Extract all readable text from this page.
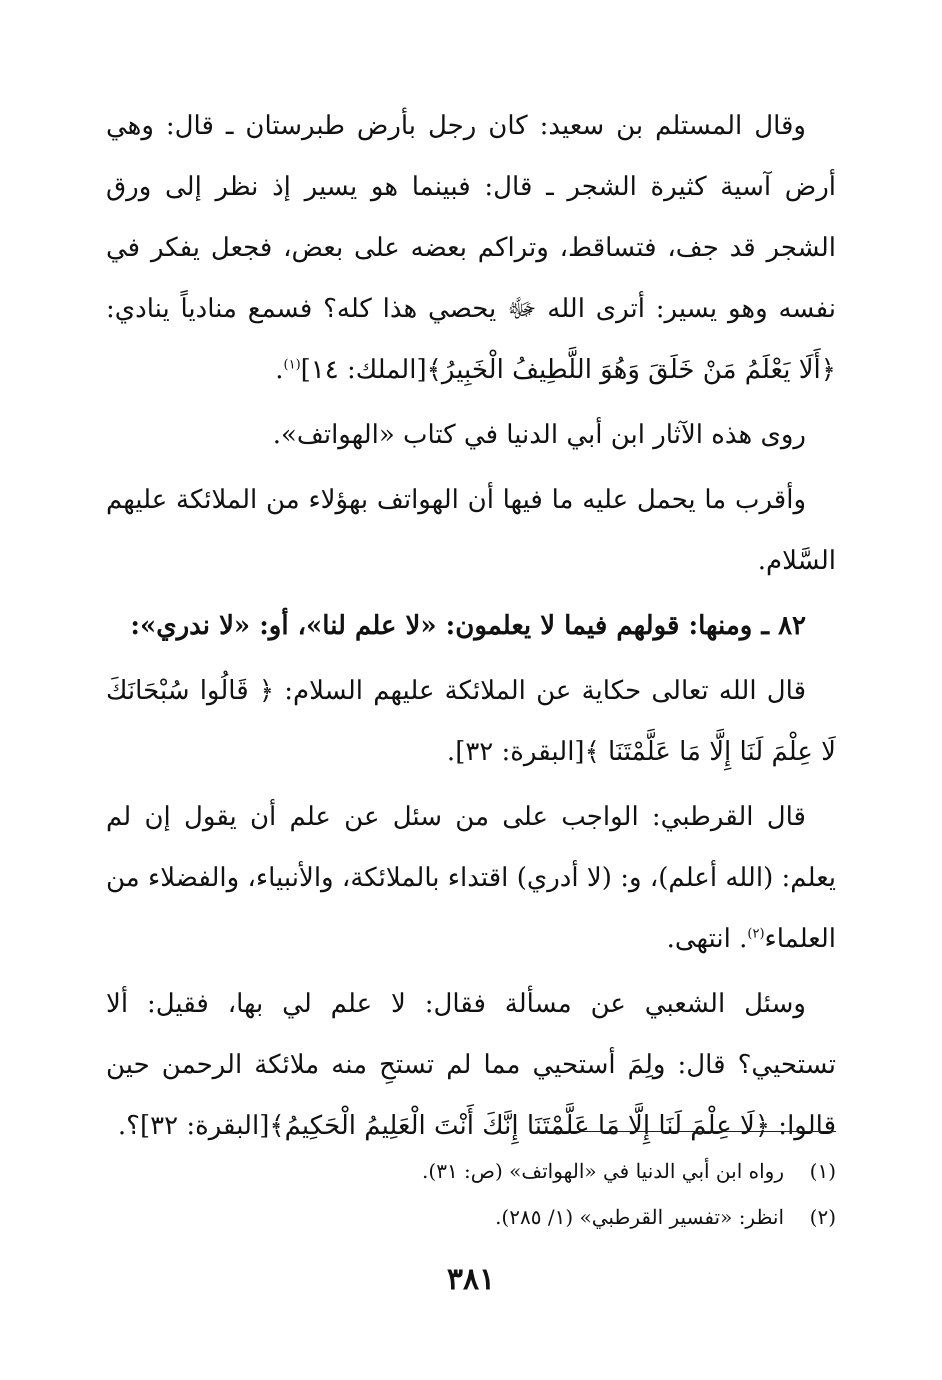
وقال المستلم بن سعيد: كان رجل بأرض طبرستان ـ قال: وهي أرض آسية كثيرة الشجر ـ قال: فبينما هو يسير إذ نظر إلى ورق الشجر قد جف، فتساقط، وتراكم بعضه على بعض، فجعل يفكر في نفسه وهو يسير: أترى الله ﷻ يحصي هذا كله؟ فسمع منادياً ينادي: ﴿أَلَا يَعْلَمُ مَنْ خَلَقَ وَهُوَ اللَّطِيفُ الْخَبِيرُ﴾[الملك: ١٤]$^{(١)}$.

روى هذه الآثار ابن أبي الدنيا في كتاب «الهواتف».

وأقرب ما يحمل عليه ما فيها أن الهواتف بهؤلاء من الملائكة عليهم السَّلام.

٨٢ ـ ومنها: قولهم فيما لا يعلمون: «لا علم لنا»، أو: «لا ندري»:

قال الله تعالى حكاية عن الملائكة عليهم السلام: ﴿ قَالُوا سُبْحَانَكَ لَا عِلْمَ لَنَا إِلَّا مَا عَلَّمْتَنَا ﴾[البقرة: ٣٢].

قال القرطبي: الواجب على من سئل عن علم أن يقول إن لم يعلم: (الله أعلم)، و: (لا أدري) اقتداء بالملائكة، والأنبياء، والفضلاء من العلماء$^{(٢)}$. انتهى.

وسئل الشعبي عن مسألة فقال: لا علم لي بها، فقيل: ألا تستحيي؟ قال: ولِمَ أستحيي مما لم تستحِ منه ملائكة الرحمن حين قالوا: ﴿لَا عِلْمَ لَنَا إِلَّا مَا عَلَّمْتَنَا إِنَّكَ أَنْتَ الْعَلِيمُ الْحَكِيمُ﴾[البقرة: ٣٢]؟.

(١)
رواه ابن أبي الدنيا في «الهواتف» (ص: ٣١).

(٢)
انظر: «تفسير القرطبي» (١/ ٢٨٥).

٣٨١
